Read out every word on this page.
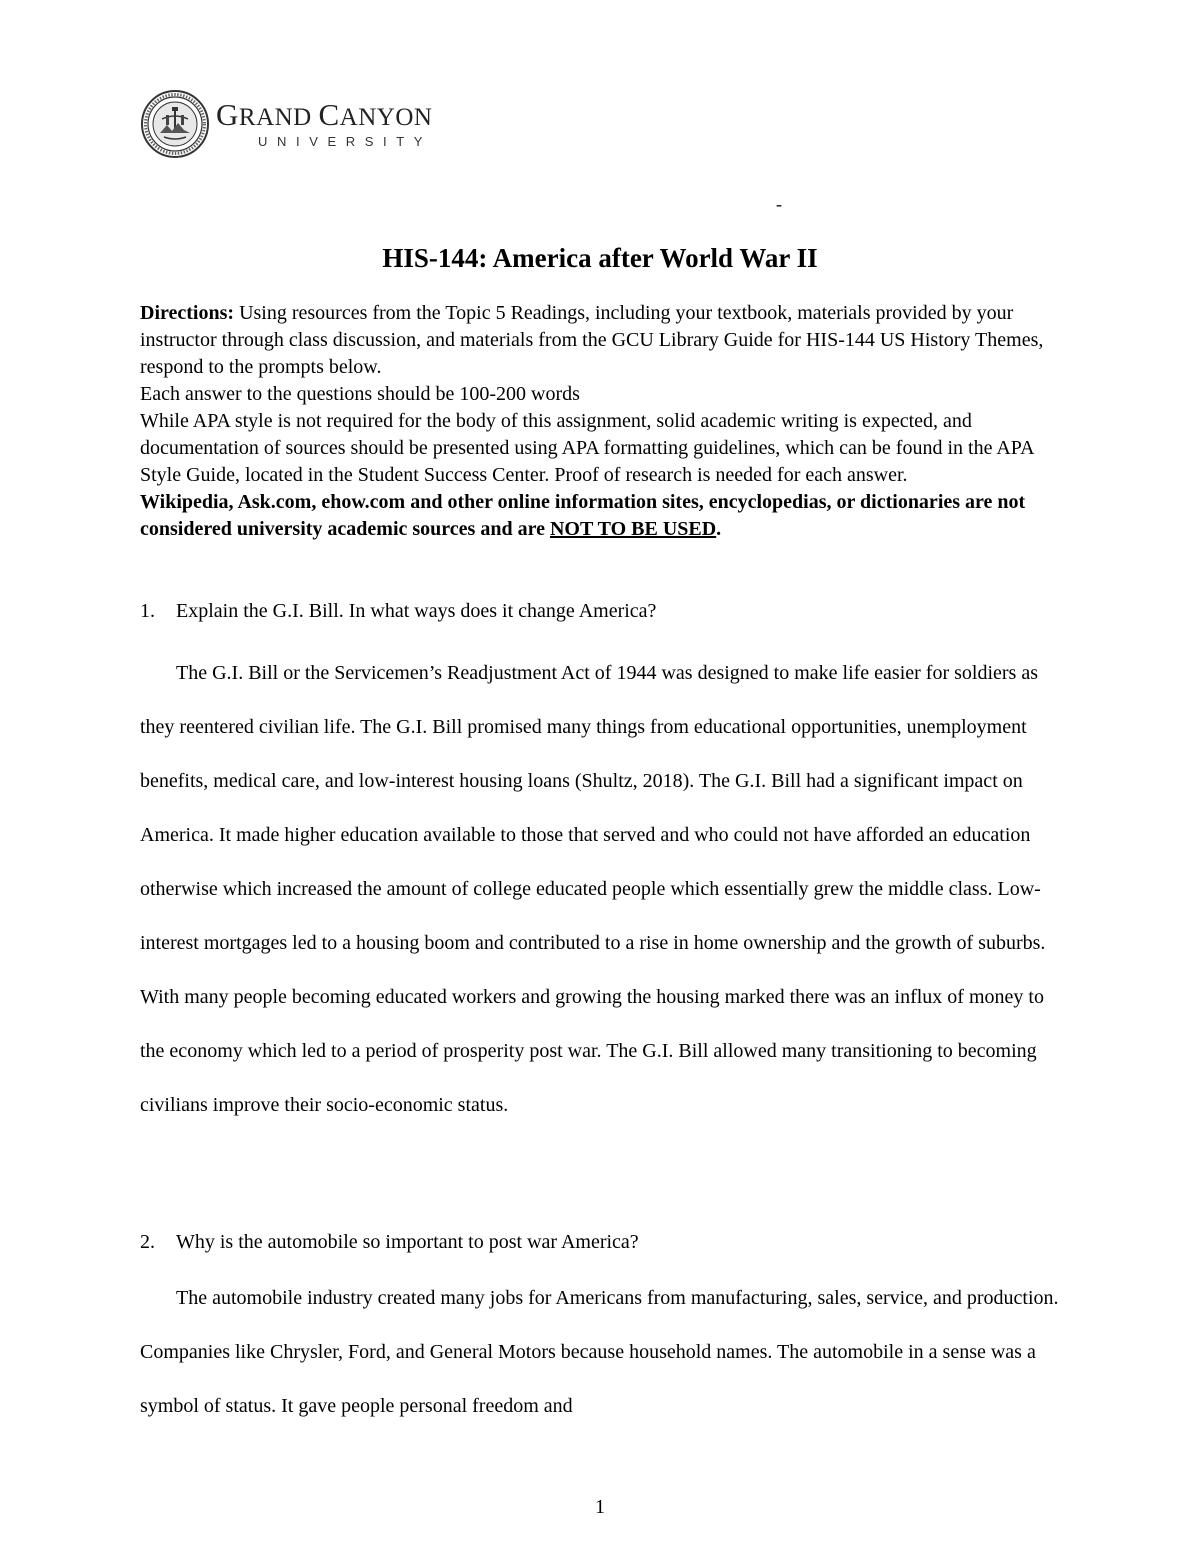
GRAND CANYON
UNIVERSITY
-
HIS-144: America after World War II

Directions: Using resources from the Topic 5 Readings, including your textbook, materials provided by your instructor through class discussion, and materials from the GCU Library Guide for HIS-144 US History Themes, respond to the prompts below.

Each answer to the questions should be 100-200 words

While APA style is not required for the body of this assignment, solid academic writing is expected, and documentation of sources should be presented using APA formatting guidelines, which can be found in the APA Style Guide, located in the Student Success Center. Proof of research is needed for each answer.

Wikipedia, Ask.com, ehow.com and other online information sites, encyclopedias, or dictionaries are not considered university academic sources and are NOT TO BE USED.

1. Explain the G.I. Bill. In what ways does it change America?

The G.I. Bill or the Servicemen’s Readjustment Act of 1944 was designed to make life easier for soldiers as they reentered civilian life. The G.I. Bill promised many things from educational opportunities, unemployment benefits, medical care, and low-interest housing loans (Shultz, 2018). The G.I. Bill had a significant impact on America. It made higher education available to those that served and who could not have afforded an education otherwise which increased the amount of college educated people which essentially grew the middle class. Low-interest mortgages led to a housing boom and contributed to a rise in home ownership and the growth of suburbs. With many people becoming educated workers and growing the housing marked there was an influx of money to the economy which led to a period of prosperity post war. The G.I. Bill allowed many transitioning to becoming civilians improve their socio-economic status.

2. Why is the automobile so important to post war America?

The automobile industry created many jobs for Americans from manufacturing, sales, service, and production. Companies like Chrysler, Ford, and General Motors because household names. The automobile in a sense was a symbol of status. It gave people personal freedom and

1
